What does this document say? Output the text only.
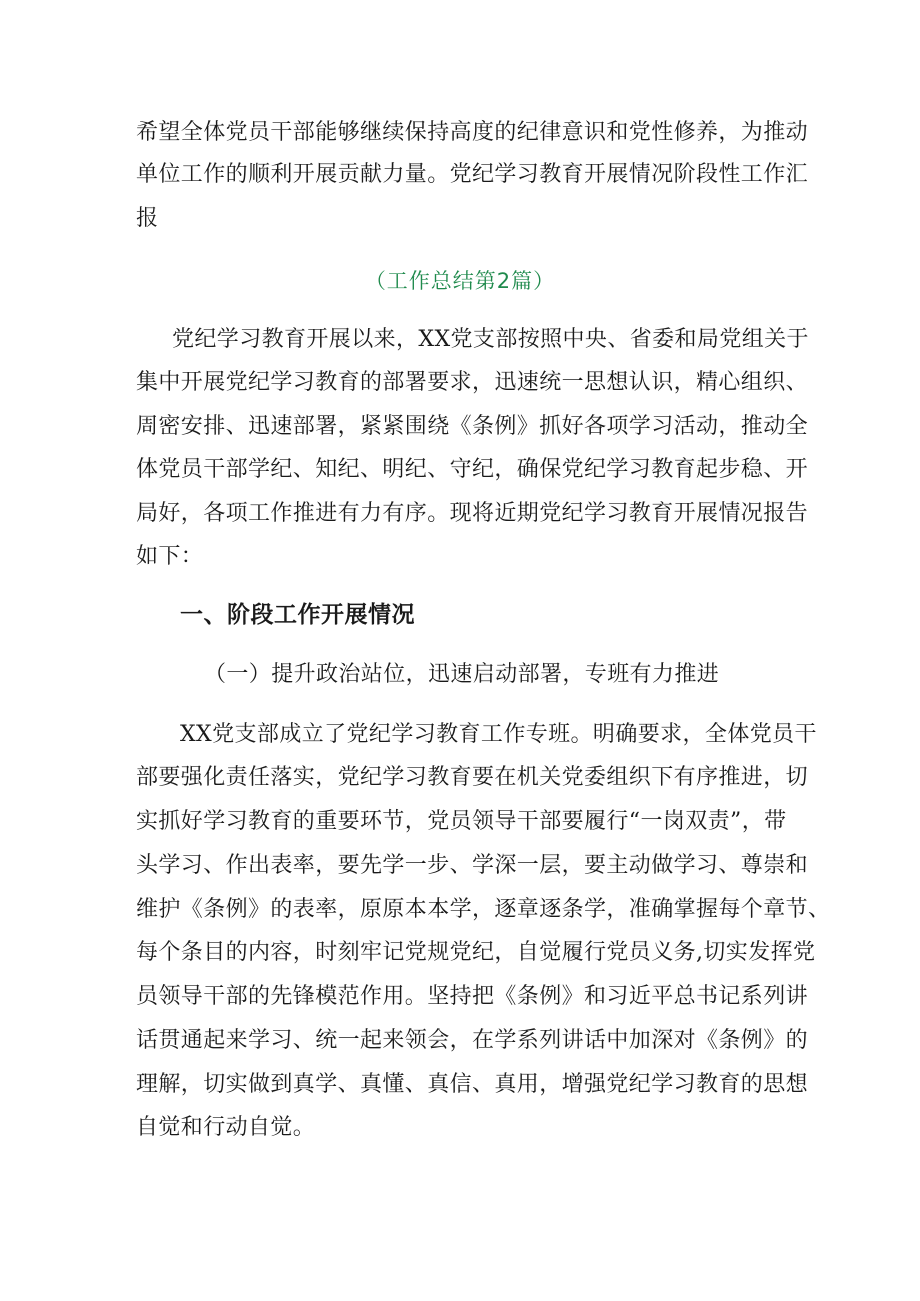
希望全体党员干部能够继续保持高度的纪律意识和党性修养，为推动
单位工作的顺利开展贡献力量。党纪学习教育开展情况阶段性工作汇
报
（工作总结第2篇）
党纪学习教育开展以来，XX党支部按照中央、省委和局党组关于
集中开展党纪学习教育的部署要求，迅速统一思想认识，精心组织、
周密安排、迅速部署，紧紧围绕《条例》抓好各项学习活动，推动全
体党员干部学纪、知纪、明纪、守纪，确保党纪学习教育起步稳、开
局好，各项工作推进有力有序。现将近期党纪学习教育开展情况报告
如下：
一、阶段工作开展情况
（一）提升政治站位，迅速启动部署，专班有力推进
XX党支部成立了党纪学习教育工作专班。明确要求，全体党员干
部要强化责任落实，党纪学习教育要在机关党委组织下有序推进，切
实抓好学习教育的重要环节，党员领导干部要履行“一岗双责”，带
头学习、作出表率，要先学一步、学深一层，要主动做学习、尊崇和
维护《条例》的表率，原原本本学，逐章逐条学，准确掌握每个章节、
每个条目的内容，时刻牢记党规党纪，自觉履行党员义务,切实发挥党
员领导干部的先锋模范作用。坚持把《条例》和习近平总书记系列讲
话贯通起来学习、统一起来领会，在学系列讲话中加深对《条例》的
理解，切实做到真学、真懂、真信、真用，增强党纪学习教育的思想
自觉和行动自觉。
